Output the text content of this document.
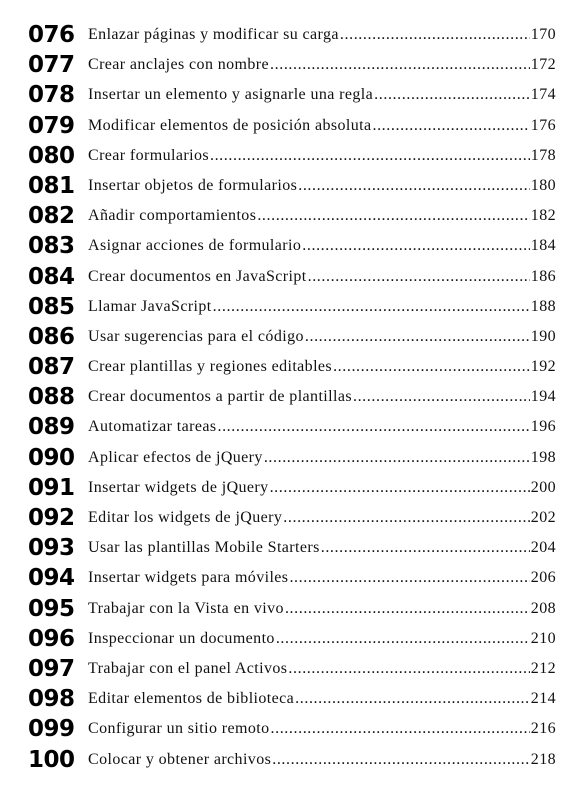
076 Enlazar páginas y modificar su carga .....	170
077 Crear anclajes con nombre .....	172
078 Insertar un elemento y asignarle una regla .....	174
079 Modificar elementos de posición absoluta .....	176
080 Crear formularios .....	178
081 Insertar objetos de formularios .....	180
082 Añadir comportamientos .....	182
083 Asignar acciones de formulario .....	184
084 Crear documentos en JavaScript .....	186
085 Llamar JavaScript .....	188
086 Usar sugerencias para el código .....	190
087 Crear plantillas y regiones editables .....	192
088 Crear documentos a partir de plantillas .....	194
089 Automatizar tareas .....	196
090 Aplicar efectos de jQuery .....	198
091 Insertar widgets de jQuery .....	200
092 Editar los widgets de jQuery .....	202
093 Usar las plantillas Mobile Starters .....	204
094 Insertar widgets para móviles .....	206
095 Trabajar con la Vista en vivo .....	208
096 Inspeccionar un documento .....	210
097 Trabajar con el panel Activos .....	212
098 Editar elementos de biblioteca .....	214
099 Configurar un sitio remoto .....	216
100 Colocar y obtener archivos .....	218
